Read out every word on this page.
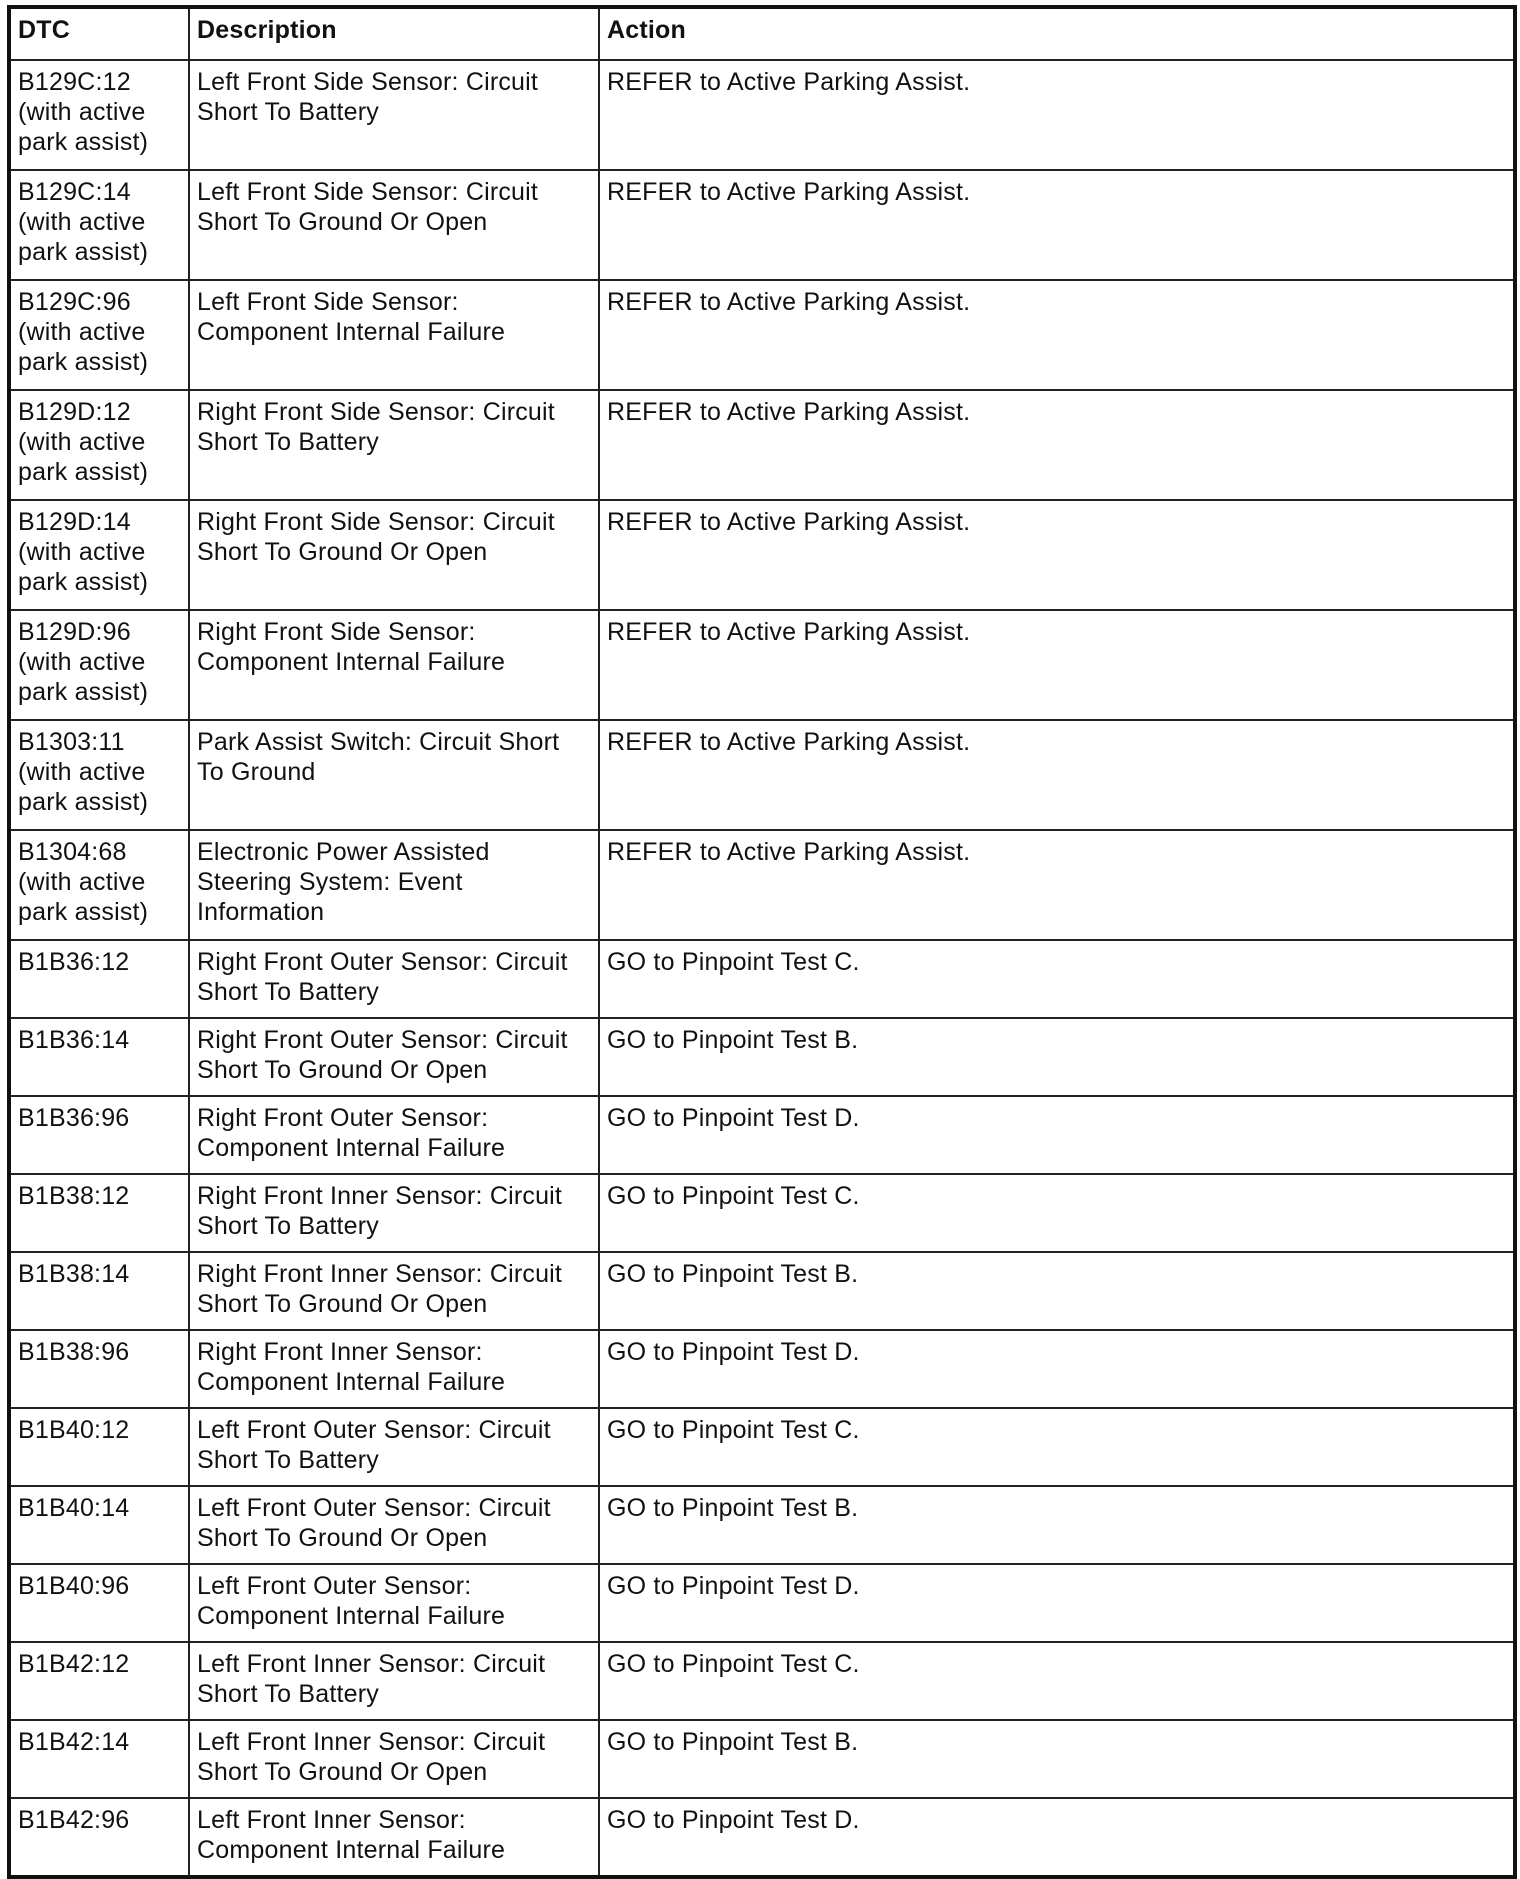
DTC	Description	Action
B129C:12
(with active
park assist)	Left Front Side Sensor: Circuit Short To Battery	REFER to Active Parking Assist.
B129C:14
(with active
park assist)	Left Front Side Sensor: Circuit Short To Ground Or Open	REFER to Active Parking Assist.
B129C:96
(with active
park assist)	Left Front Side Sensor: Component Internal Failure	REFER to Active Parking Assist.
B129D:12
(with active
park assist)	Right Front Side Sensor: Circuit Short To Battery	REFER to Active Parking Assist.
B129D:14
(with active
park assist)	Right Front Side Sensor: Circuit Short To Ground Or Open	REFER to Active Parking Assist.
B129D:96
(with active
park assist)	Right Front Side Sensor: Component Internal Failure	REFER to Active Parking Assist.
B1303:11
(with active
park assist)	Park Assist Switch: Circuit Short To Ground	REFER to Active Parking Assist.
B1304:68
(with active
park assist)	Electronic Power Assisted Steering System: Event Information	REFER to Active Parking Assist.
B1B36:12	Right Front Outer Sensor: Circuit Short To Battery	GO to Pinpoint Test C.
B1B36:14	Right Front Outer Sensor: Circuit Short To Ground Or Open	GO to Pinpoint Test B.
B1B36:96	Right Front Outer Sensor: Component Internal Failure	GO to Pinpoint Test D.
B1B38:12	Right Front Inner Sensor: Circuit Short To Battery	GO to Pinpoint Test C.
B1B38:14	Right Front Inner Sensor: Circuit Short To Ground Or Open	GO to Pinpoint Test B.
B1B38:96	Right Front Inner Sensor: Component Internal Failure	GO to Pinpoint Test D.
B1B40:12	Left Front Outer Sensor: Circuit Short To Battery	GO to Pinpoint Test C.
B1B40:14	Left Front Outer Sensor: Circuit Short To Ground Or Open	GO to Pinpoint Test B.
B1B40:96	Left Front Outer Sensor: Component Internal Failure	GO to Pinpoint Test D.
B1B42:12	Left Front Inner Sensor: Circuit Short To Battery	GO to Pinpoint Test C.
B1B42:14	Left Front Inner Sensor: Circuit Short To Ground Or Open	GO to Pinpoint Test B.
B1B42:96	Left Front Inner Sensor: Component Internal Failure	GO to Pinpoint Test D.
